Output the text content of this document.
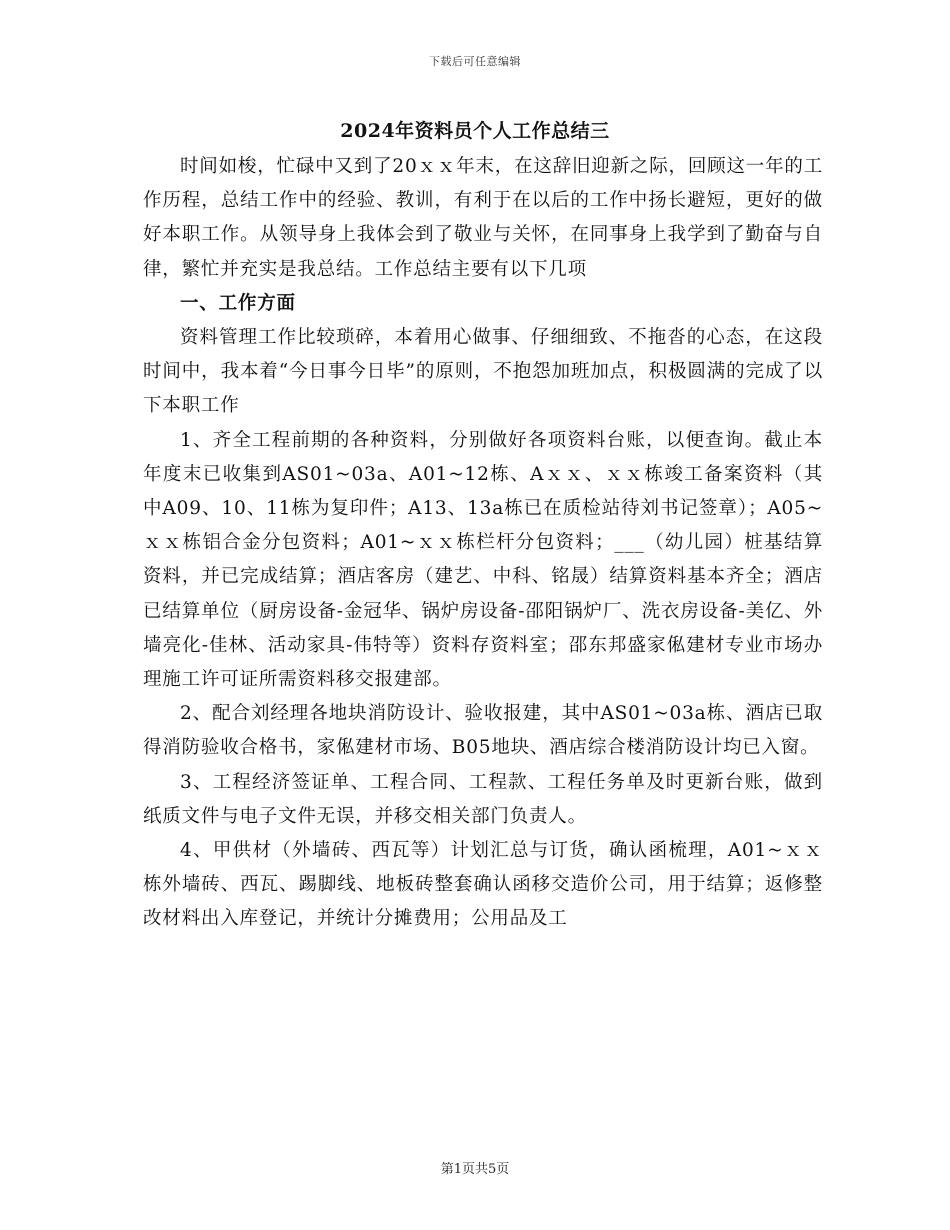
下载后可任意编辑
2024年资料员个人工作总结三

时间如梭，忙碌中又到了20ｘｘ年末，在这辞旧迎新之际，回顾这一年的工作历程，总结工作中的经验、教训，有利于在以后的工作中扬长避短，更好的做好本职工作。从领导身上我体会到了敬业与关怀，在同事身上我学到了勤奋与自律，繁忙并充实是我总结。工作总结主要有以下几项

一、工作方面

资料管理工作比较琐碎，本着用心做事、仔细细致、不拖沓的心态，在这段时间中，我本着“今日事今日毕”的原则，不抱怨加班加点，积极圆满的完成了以下本职工作

1、齐全工程前期的各种资料，分别做好各项资料台账，以便查询。截止本年度末已收集到AS01~03a、A01~12栋、Aｘｘ、ｘｘ栋竣工备案资料（其中A09、10、11栋为复印件；A13、13a栋已在质检站待刘书记签章）；A05~ｘｘ栋铝合金分包资料；A01~ｘｘ栋栏杆分包资料；___（幼儿园）桩基结算资料，并已完成结算；酒店客房（建艺、中科、铭晟）结算资料基本齐全；酒店已结算单位（厨房设备-金冠华、锅炉房设备-邵阳锅炉厂、洗衣房设备-美亿、外墙亮化-佳林、活动家具-伟特等）资料存资料室；邵东邦盛家俬建材专业市场办理施工许可证所需资料移交报建部。

2、配合刘经理各地块消防设计、验收报建，其中AS01~03a栋、酒店已取得消防验收合格书，家俬建材市场、B05地块、酒店综合楼消防设计均已入窗。

3、工程经济签证单、工程合同、工程款、工程任务单及时更新台账，做到纸质文件与电子文件无误，并移交相关部门负责人。

4、甲供材（外墙砖、西瓦等）计划汇总与订货，确认函梳理，A01~ｘｘ栋外墙砖、西瓦、踢脚线、地板砖整套确认函移交造价公司，用于结算；返修整改材料出入库登记，并统计分摊费用；公用品及工

第1页共5页
